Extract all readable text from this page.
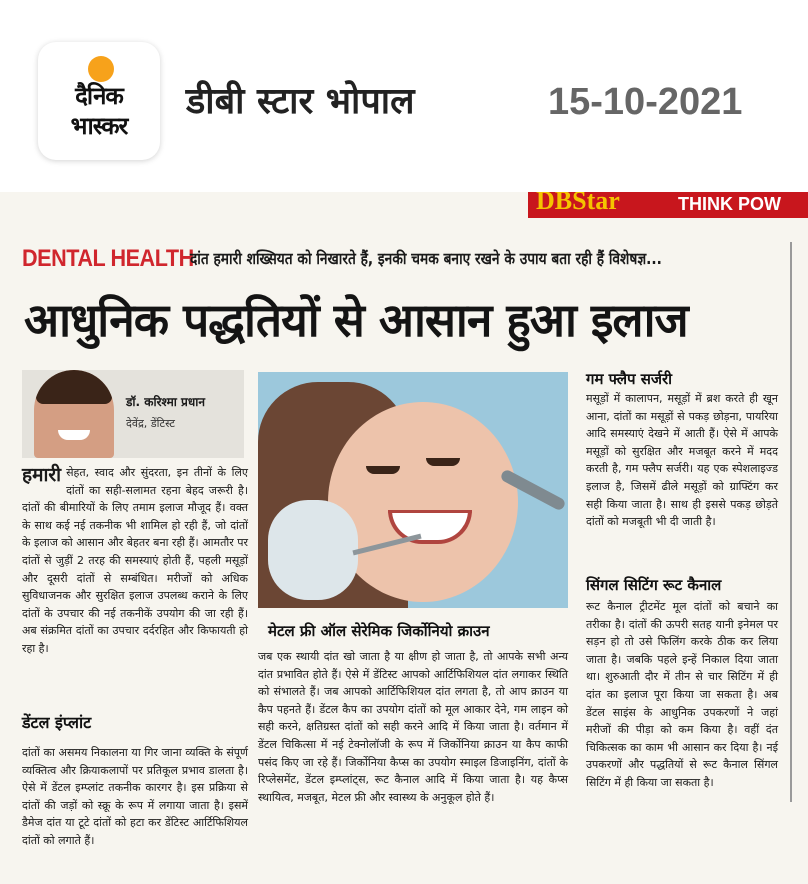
दैनिक
भास्कर
डीबी स्टार भोपाल	15-10-2021
DBStar	THINK POW
DENTAL HEALTH
दांत हमारी शख्सियत को निखारते हैं, इनकी चमक बनाए रखने के उपाय बता रही हैं विशेषज्ञ...
आधुनिक पद्धतियों से आसान हुआ इलाज
डॉ. करिश्मा प्रधान
देवेंद्र, डेंटिस्ट
हमारी सेहत, स्वाद और सुंदरता, इन तीनों के लिए दांतों का सही-सलामत रहना बेहद जरूरी है। दांतों की बीमारियों के लिए तमाम इलाज मौजूद हैं। वक्त के साथ कई नई तकनीक भी शामिल हो रही हैं, जो दांतों के इलाज को आसान और बेहतर बना रही हैं। आमतौर पर दांतों से जुड़ीं 2 तरह की समस्याएं होती हैं, पहली मसूड़ों और दूसरी दांतों से सम्बंधित। मरीजों को अधिक सुविधाजनक और सुरक्षित इलाज उपलब्ध कराने के लिए दांतों के उपचार की नई तकनीकें उपयोग की जा रही हैं। अब संक्रमित दांतों का उपचार दर्दरहित और किफायती हो रहा है।
डेंटल इंप्लांट
दांतों का असमय निकालना या गिर जाना व्यक्ति के संपूर्ण व्यक्तित्व और क्रियाकलापों पर प्रतिकूल प्रभाव डालता है। ऐसे में डेंटल इम्प्लांट तकनीक कारगर है। इस प्रक्रिया से दांतों की जड़ों को स्क्रू के रूप में लगाया जाता है। इसमें डैमेज दांत या टूटे दांतों को हटा कर डेंटिस्ट आर्टिफिशियल दांतों को लगाते हैं।
मेटल फ्री ऑल सेरेमिक जिर्कोनियो क्राउन
जब एक स्थायी दांत खो जाता है या क्षीण हो जाता है, तो आपके सभी अन्य दांत प्रभावित होते हैं। ऐसे में डेंटिस्ट आपको आर्टिफिशियल दांत लगाकर स्थिति को संभालते हैं। जब आपको आर्टिफिशियल दांत लगता है, तो आप क्राउन या कैप पहनते हैं। डेंटल कैप का उपयोग दांतों को मूल आकार देने, गम लाइन को सही करने, क्षतिग्रस्त दांतों को सही करने आदि में किया जाता है। वर्तमान में डेंटल चिकित्सा में नई टेक्नोलॉजी के रूप में जिर्कोनिया क्राउन या कैप काफी पसंद किए जा रहे हैं। जिर्कोनिया कैप्स का उपयोग स्माइल डिजाइनिंग, दांतों के रिप्लेसमेंट, डेंटल इम्प्लांट्स, रूट कैनाल आदि में किया जाता है। यह कैप्स स्थायित्व, मजबूत, मेटल फ्री और स्वास्थ्य के अनुकूल होते हैं।
गम फ्लैप सर्जरी
मसूड़ों में कालापन, मसूड़ों में ब्रश करते ही खून आना, दांतों का मसूड़ों से पकड़ छोड़ना, पायरिया आदि समस्याएं देखने में आती हैं। ऐसे में आपके मसूड़ों को सुरक्षित और मजबूत करने में मदद करती है, गम फ्लैप सर्जरी। यह एक स्पेशलाइज्ड इलाज है, जिसमें ढीले मसूड़ों को ग्राफ्टिंग कर सही किया जाता है। साथ ही इससे पकड़ छोड़ते दांतों को मजबूती भी दी जाती है।
सिंगल सिटिंग रूट कैनाल
रूट कैनाल ट्रीटमेंट मूल दांतों को बचाने का तरीका है। दांतों की ऊपरी सतह यानी इनेमल पर सड़न हो तो उसे फिलिंग करके ठीक कर लिया जाता है। जबकि पहले इन्हें निकाल दिया जाता था। शुरुआती दौर में तीन से चार सिटिंग में ही दांत का इलाज पूरा किया जा सकता है। अब डेंटल साइंस के आधुनिक उपकरणों ने जहां मरीजों की पीड़ा को कम किया है। वहीं दंत चिकित्सक का काम भी आसान कर दिया है। नई उपकरणों और पद्धतियों से रूट कैनाल सिंगल सिटिंग में ही किया जा सकता है।
